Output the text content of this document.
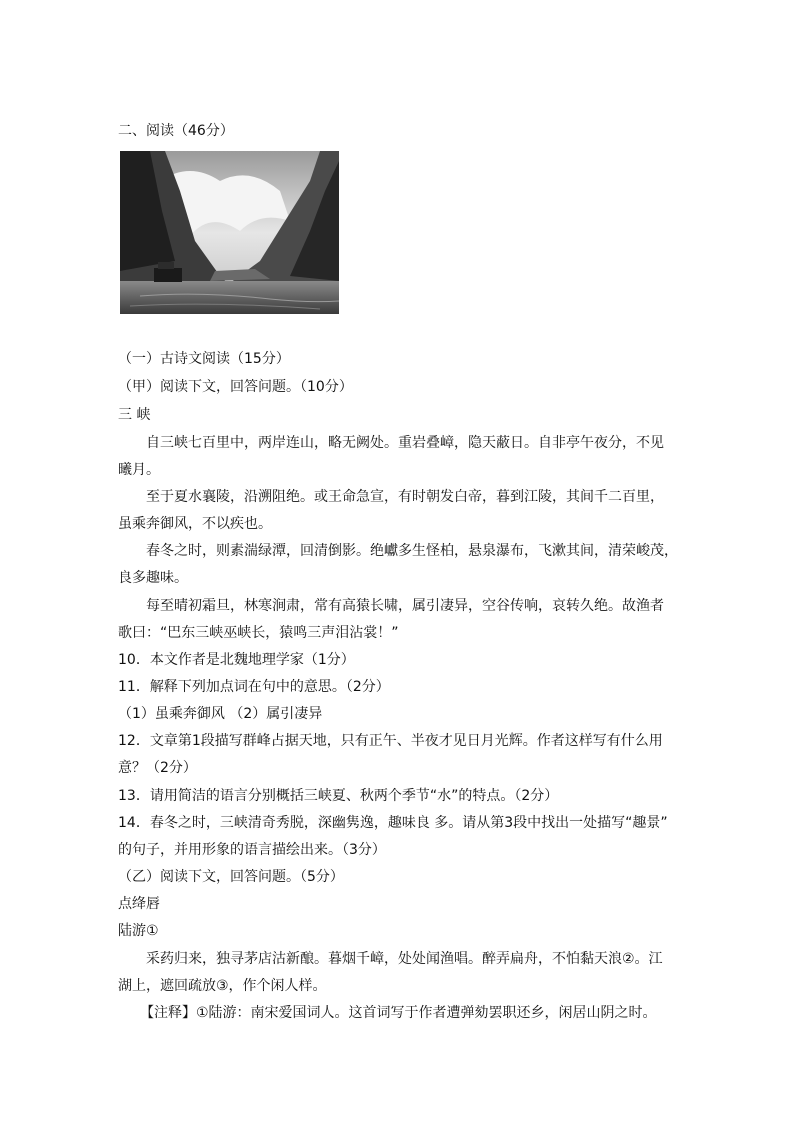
二、阅读（46分）
（一）古诗文阅读（15分）
（甲）阅读下文，回答问题。（10分）
三 峡
自三峡七百里中，两岸连山，略无阙处。重岩叠嶂，隐天蔽日。自非亭午夜分，不见
曦月。
至于夏水襄陵，沿溯阻绝。或王命急宣，有时朝发白帝，暮到江陵，其间千二百里，
虽乘奔御风，不以疾也。
春冬之时，则素湍绿潭，回清倒影。绝巘多生怪柏，悬泉瀑布，飞漱其间，清荣峻茂，
良多趣味。
每至晴初霜旦，林寒涧肃，常有高猿长啸，属引凄异，空谷传响，哀转久绝。故渔者
歌曰：“巴东三峡巫峡长，猿鸣三声泪沾裳！”
10．本文作者是北魏地理学家（1分）
11．解释下列加点词在句中的意思。（2分）
（1）虽乘奔御风 （2）属引凄异
12．文章第1段描写群峰占据天地，只有正午、半夜才见日月光辉。作者这样写有什么用
意？（2分）
13．请用简洁的语言分别概括三峡夏、秋两个季节“水”的特点。（2分）
14．春冬之时，三峡清奇秀脱，深幽隽逸，趣味良 多。请从第3段中找出一处描写“趣景”
的句子，并用形象的语言描绘出来。（3分）
（乙）阅读下文，回答问题。（5分）
点绛唇
陆游①
采药归来，独寻茅店沽新酿。暮烟千嶂，处处闻渔唱。醉弄扁舟，不怕黏天浪②。江
湖上，遮回疏放③，作个闲人样。
【注释】①陆游：南宋爱国词人。这首词写于作者遭弹劾罢职还乡，闲居山阴之时。
